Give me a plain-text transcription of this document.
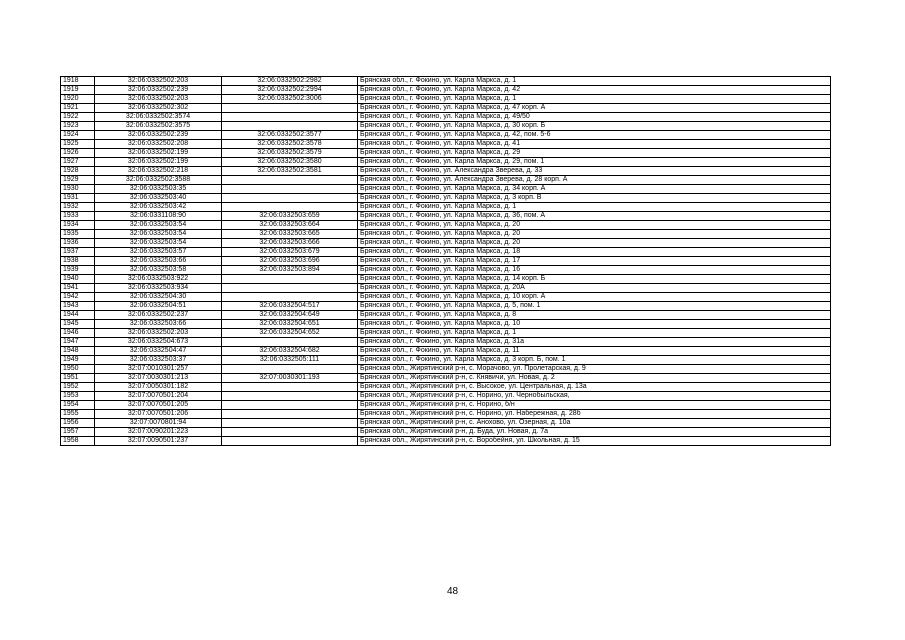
1918	32:06:0332502:203	32:06:0332502:2982	Брянская обл., г. Фокино, ул. Карла Маркса, д. 1
1919	32:06:0332502:239	32:06:0332502:2994	Брянская обл., г. Фокино, ул. Карла Маркса, д. 42
1920	32:06:0332502:203	32:06:0332502:3006	Брянская обл., г. Фокино, ул. Карла Маркса, д. 1
1921	32:06:0332502:302		Брянская обл., г. Фокино, ул. Карла Маркса, д. 47 корп. А
1922	32:06:0332502:3574		Брянская обл., г. Фокино, ул. Карла Маркса, д. 49/50
1923	32:06:0332502:3575		Брянская обл., г. Фокино, ул. Карла Маркса, д. 30 корп. Б
1924	32:06:0332502:239	32:06:0332502:3577	Брянская обл., г. Фокино, ул. Карла Маркса, д. 42, пом. 5-6
1925	32:06:0332502:208	32:06:0332502:3578	Брянская обл., г. Фокино, ул. Карла Маркса, д. 41
1926	32:06:0332502:199	32:06:0332502:3579	Брянская обл., г. Фокино, ул. Карла Маркса, д. 29
1927	32:06:0332502:199	32:06:0332502:3580	Брянская обл., г. Фокино, ул. Карла Маркса, д. 29, пом. 1
1928	32:06:0332502:218	32:06:0332502:3581	Брянская обл., г. Фокино, ул. Александра Зверева, д. 33
1929	32:06:0332502:3588		Брянская обл., г. Фокино, ул. Александра Зверева, д. 28 корп. А
1930	32:06:0332503:35		Брянская обл., г. Фокино, ул. Карла Маркса, д. 34 корп. А
1931	32:06:0332503:40		Брянская обл., г. Фокино, ул. Карла Маркса, д. 3 корп. В
1932	32:06:0332503:42		Брянская обл., г. Фокино, ул. Карла Маркса, д. 1
1933	32:06:0331108:90	32:06:0332503:659	Брянская обл., г. Фокино, ул. Карла Маркса, д. 36, пом. А
1934	32:06:0332503:54	32:06:0332503:664	Брянская обл., г. Фокино, ул. Карла Маркса, д. 20
1935	32:06:0332503:54	32:06:0332503:665	Брянская обл., г. Фокино, ул. Карла Маркса, д. 20
1936	32:06:0332503:54	32:06:0332503:666	Брянская обл., г. Фокино, ул. Карла Маркса, д. 20
1937	32:06:0332503:57	32:06:0332503:679	Брянская обл., г. Фокино, ул. Карла Маркса, д. 18
1938	32:06:0332503:66	32:06:0332503:696	Брянская обл., г. Фокино, ул. Карла Маркса, д. 17
1939	32:06:0332503:58	32:06:0332503:894	Брянская обл., г. Фокино, ул. Карла Маркса, д. 16
1940	32:06:0332503:922		Брянская обл., г. Фокино, ул. Карла Маркса, д. 14 корп. Б
1941	32:06:0332503:934		Брянская обл., г. Фокино, ул. Карла Маркса, д. 20А
1942	32:06:0332504:30		Брянская обл., г. Фокино, ул. Карла Маркса, д. 10 корп. А
1943	32:06:0332504:51	32:06:0332504:517	Брянская обл., г. Фокино, ул. Карла Маркса, д. 5, пом. 1
1944	32:06:0332502:237	32:06:0332504:649	Брянская обл., г. Фокино, ул. Карла Маркса, д. 8
1945	32:06:0332503:66	32:06:0332504:651	Брянская обл., г. Фокино, ул. Карла Маркса, д. 10
1946	32:06:0332502:203	32:06:0332504:652	Брянская обл., г. Фокино, ул. Карла Маркса, д. 1
1947	32:06:0332504:673		Брянская обл., г. Фокино, ул. Карла Маркса, д. 31а
1948	32:06:0332504:47	32:06:0332504:682	Брянская обл., г. Фокино, ул. Карла Маркса, д. 11
1949	32:06:0332503:37	32:06:0332505:111	Брянская обл., г. Фокино, ул. Карла Маркса, д. 3 корп. Б, пом. 1
1950	32:07:0010301:257		Брянская обл., Жирятинский р-н, с. Морачово, ул. Пролетарская, д. 9
1951	32:07:0030301:213	32:07:0030301:193	Брянская обл., Жирятинский р-н, с. Княвичи, ул. Новая, д. 2
1952	32:07:0050301:182		Брянская обл., Жирятинский р-н, с. Высокое, ул. Центральная, д. 13а
1953	32:07:0070501:204		Брянская обл., Жирятинский р-н, с. Норино, ул. Чернобыльская,
1954	32:07:0070501:205		Брянская обл., Жирятинский р-н, с. Норино, б/н
1955	32:07:0070501:206		Брянская обл., Жирятинский р-н, с. Норино, ул. Набережная, д. 28б
1956	32:07:0070801:94		Брянская обл., Жирятинский р-н, с. Анохово, ул. Озерная, д. 10а
1957	32:07:0090201:223		Брянская обл., Жирятинский р-н, д. Буда, ул. Новая, д. 7а
1958	32:07:0090501:237		Брянская обл., Жирятинский р-н, с. Воробейня, ул. Школьная, д. 15
48
